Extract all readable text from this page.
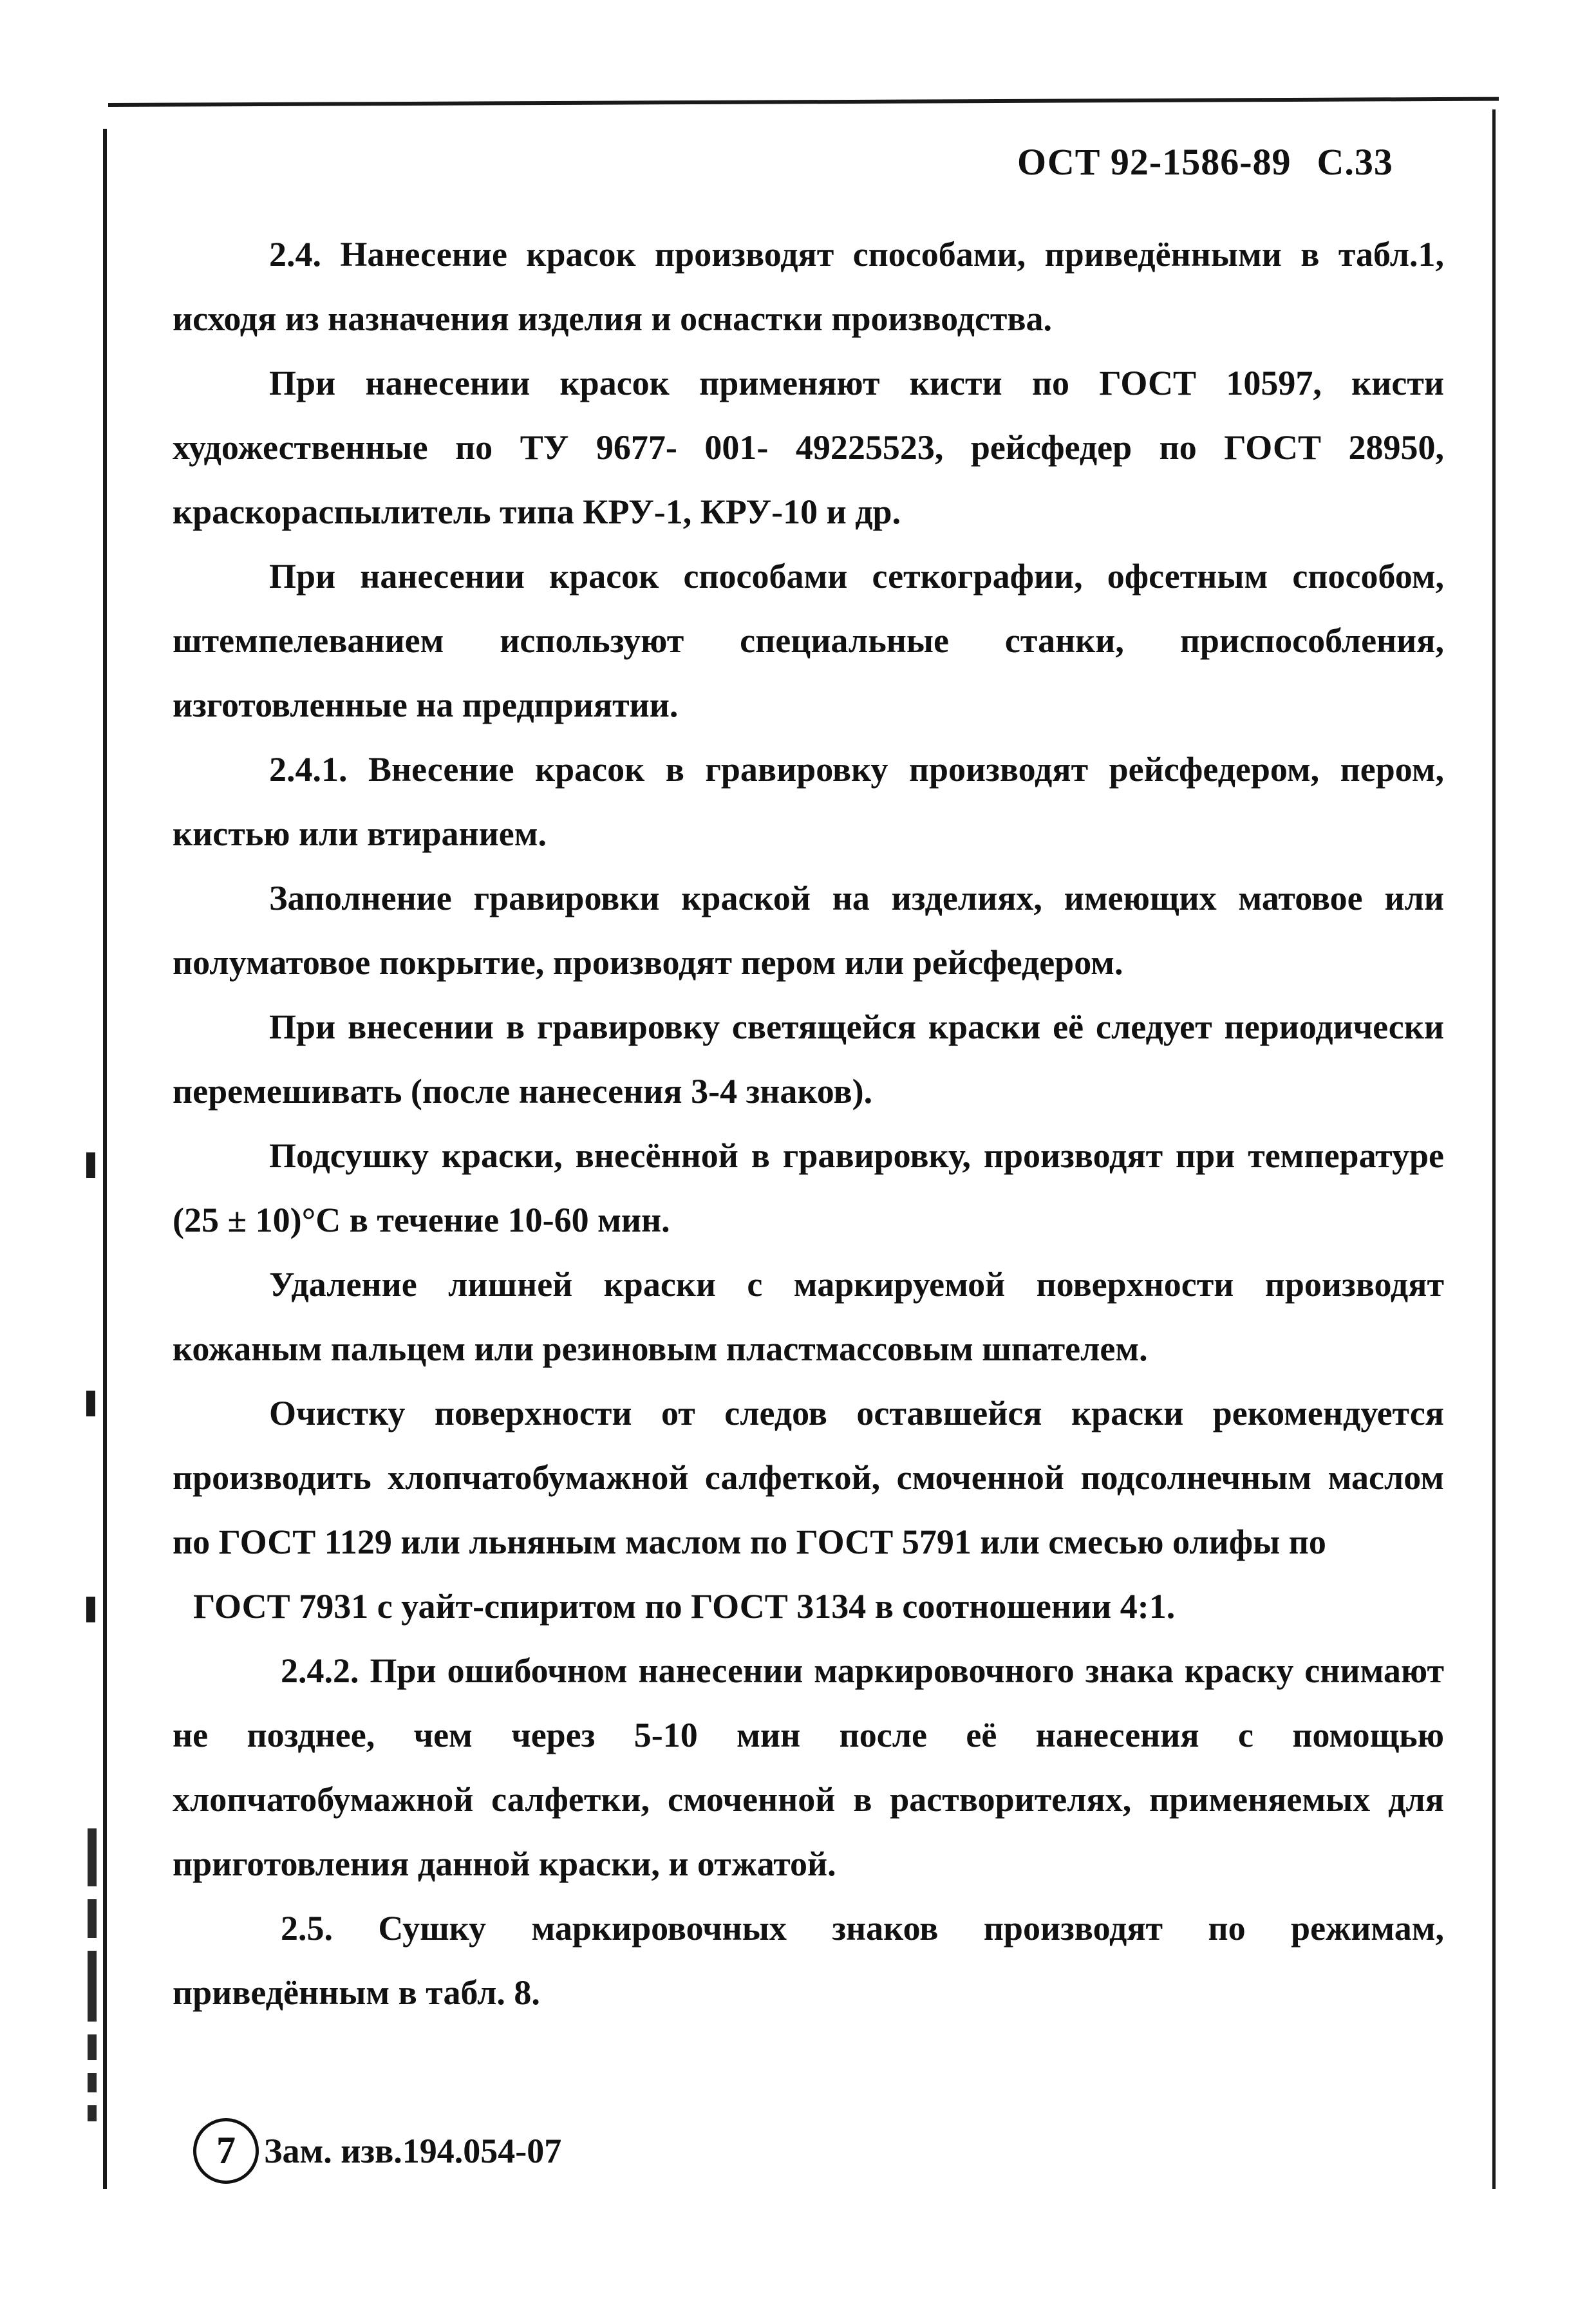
ОСТ 92-1586-89 С.33

2.4. Нанесение красок производят способами, приведёнными в табл.1, исходя из назначения изделия и оснастки производства.

При нанесении красок применяют кисти по ГОСТ 10597, кисти художественные по ТУ 9677- 001- 49225523, рейсфедер по ГОСТ 28950, краскораспылитель типа КРУ-1, КРУ-10 и др.

При нанесении красок способами сеткографии, офсетным способом, штемпелеванием используют специальные станки, приспособления, изготовленные на предприятии.

2.4.1. Внесение красок в гравировку производят рейсфедером, пером, кистью или втиранием.

Заполнение гравировки краской на изделиях, имеющих матовое или полуматовое покрытие, производят пером или рейсфедером.

При внесении в гравировку светящейся краски её следует периодически перемешивать (после нанесения 3-4 знаков).

Подсушку краски, внесённой в гравировку, производят при температуре (25 ± 10)°С в течение 10-60 мин.

Удаление лишней краски с маркируемой поверхности производят кожаным пальцем или резиновым пластмассовым шпателем.

Очистку поверхности от следов оставшейся краски рекомендуется производить хлопчатобумажной салфеткой, смоченной подсолнечным маслом по ГОСТ 1129 или льняным маслом по ГОСТ 5791 или смесью олифы по

ГОСТ 7931 с уайт-спиритом по ГОСТ 3134 в соотношении 4:1.

2.4.2. При ошибочном нанесении маркировочного знака краску снимают не позднее, чем через 5-10 мин после её нанесения с помощью хлопчатобумажной салфетки, смоченной в растворителях, применяемых для приготовления данной краски, и отжатой.

2.5. Сушку маркировочных знаков производят по режимам, приведённым в табл. 8.

7 Зам. изв.194.054-07
